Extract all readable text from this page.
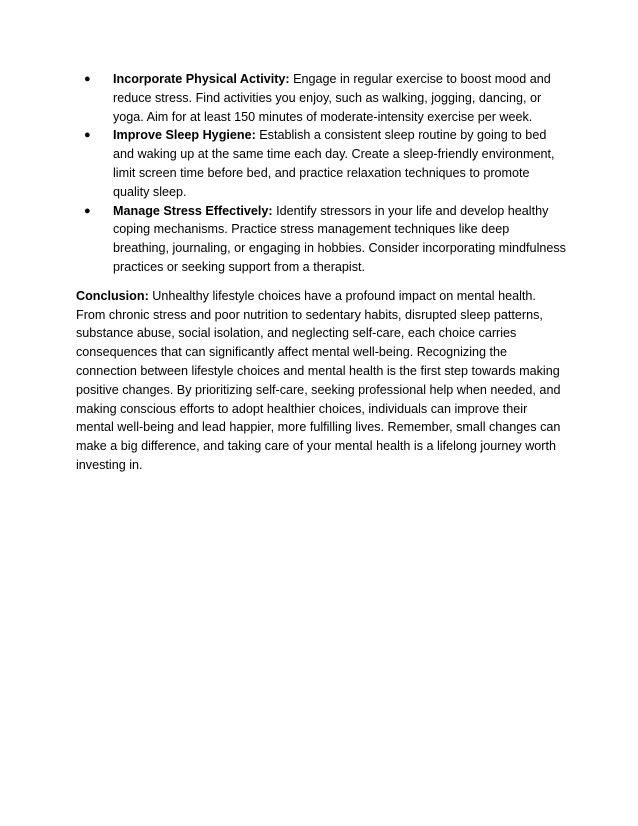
● Incorporate Physical Activity: Engage in regular exercise to boost mood and reduce stress. Find activities you enjoy, such as walking, jogging, dancing, or yoga. Aim for at least 150 minutes of moderate-intensity exercise per week.
● Improve Sleep Hygiene: Establish a consistent sleep routine by going to bed and waking up at the same time each day. Create a sleep-friendly environment, limit screen time before bed, and practice relaxation techniques to promote quality sleep.
● Manage Stress Effectively: Identify stressors in your life and develop healthy coping mechanisms. Practice stress management techniques like deep breathing, journaling, or engaging in hobbies. Consider incorporating mindfulness practices or seeking support from a therapist.

Conclusion: Unhealthy lifestyle choices have a profound impact on mental health. From chronic stress and poor nutrition to sedentary habits, disrupted sleep patterns, substance abuse, social isolation, and neglecting self-care, each choice carries consequences that can significantly affect mental well-being. Recognizing the connection between lifestyle choices and mental health is the first step towards making positive changes. By prioritizing self-care, seeking professional help when needed, and making conscious efforts to adopt healthier choices, individuals can improve their mental well-being and lead happier, more fulfilling lives. Remember, small changes can make a big difference, and taking care of your mental health is a lifelong journey worth investing in.
